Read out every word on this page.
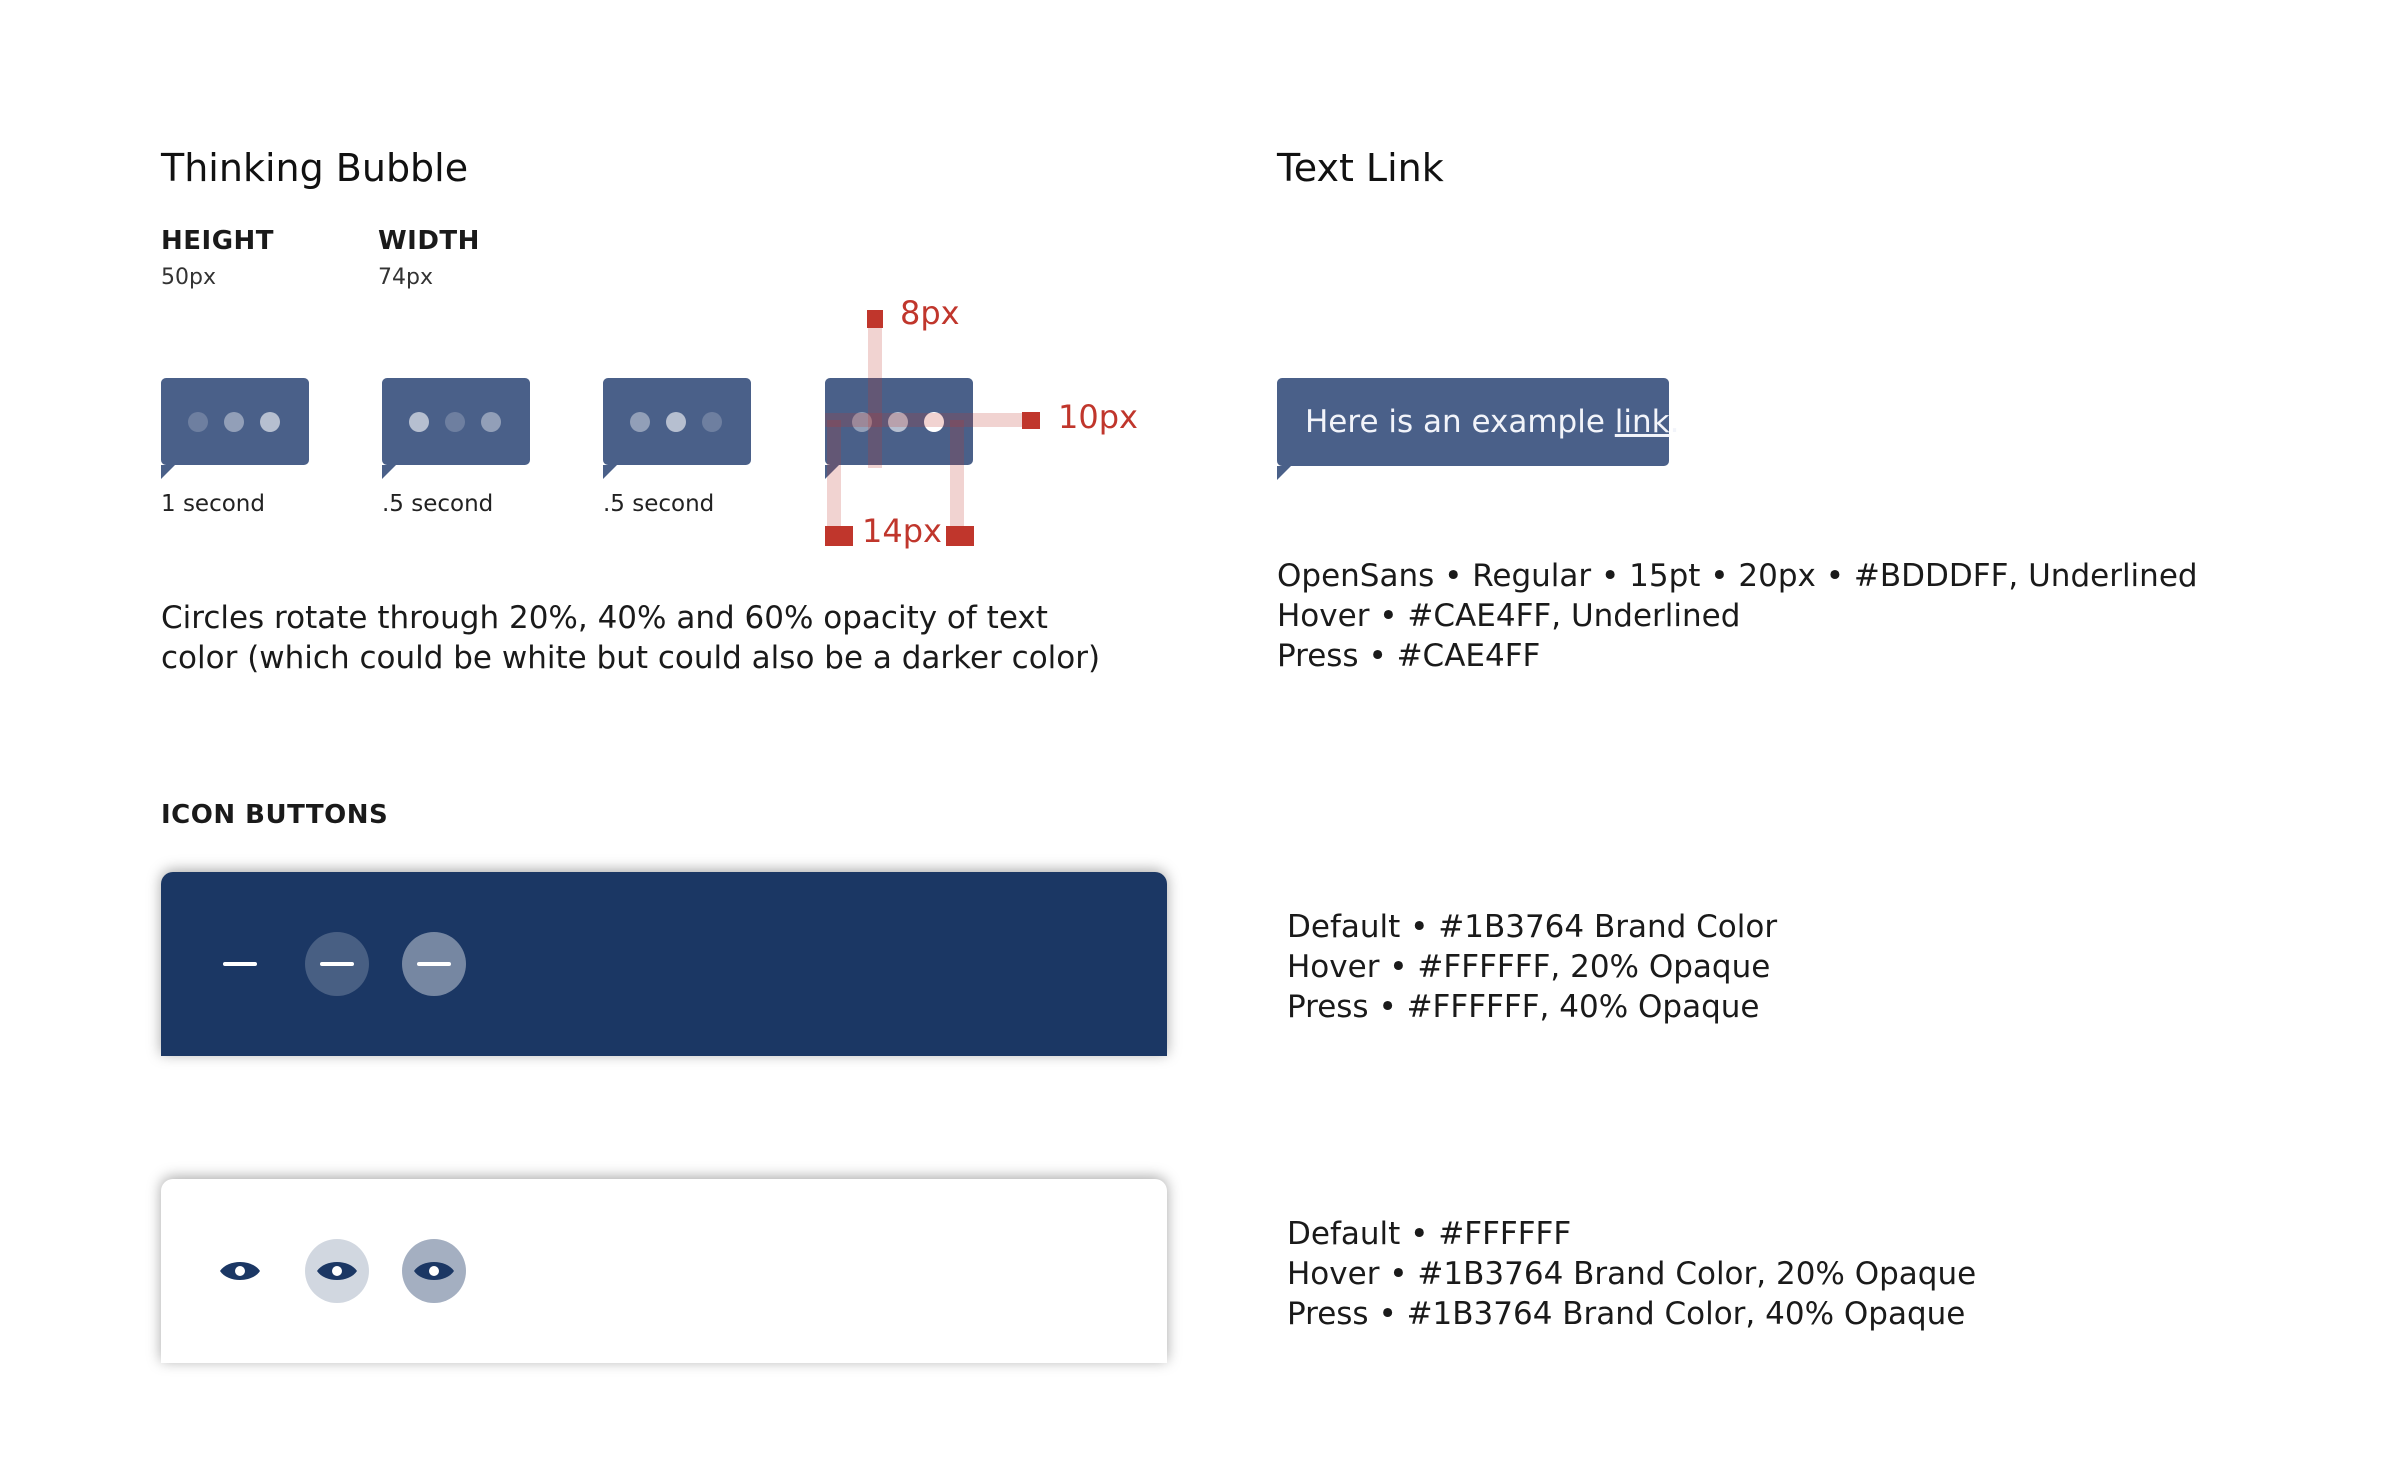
Thinking Bubble
HEIGHT
50px
WIDTH
74px
1 second	.5 second	.5 second
8px
10px
14px
Circles rotate through 20%, 40% and 60% opacity of text
color (which could be white but could also be a darker color)
Text Link
Here is an example link.
OpenSans • Regular • 15pt • 20px • #BDDDFF, Underlined
Hover • #CAE4FF, Underlined
Press • #CAE4FF
ICON BUTTONS
Default • #1B3764 Brand Color
Hover • #FFFFFF, 20% Opaque
Press • #FFFFFF, 40% Opaque
Default • #FFFFFF
Hover • #1B3764 Brand Color, 20% Opaque
Press • #1B3764 Brand Color, 40% Opaque
